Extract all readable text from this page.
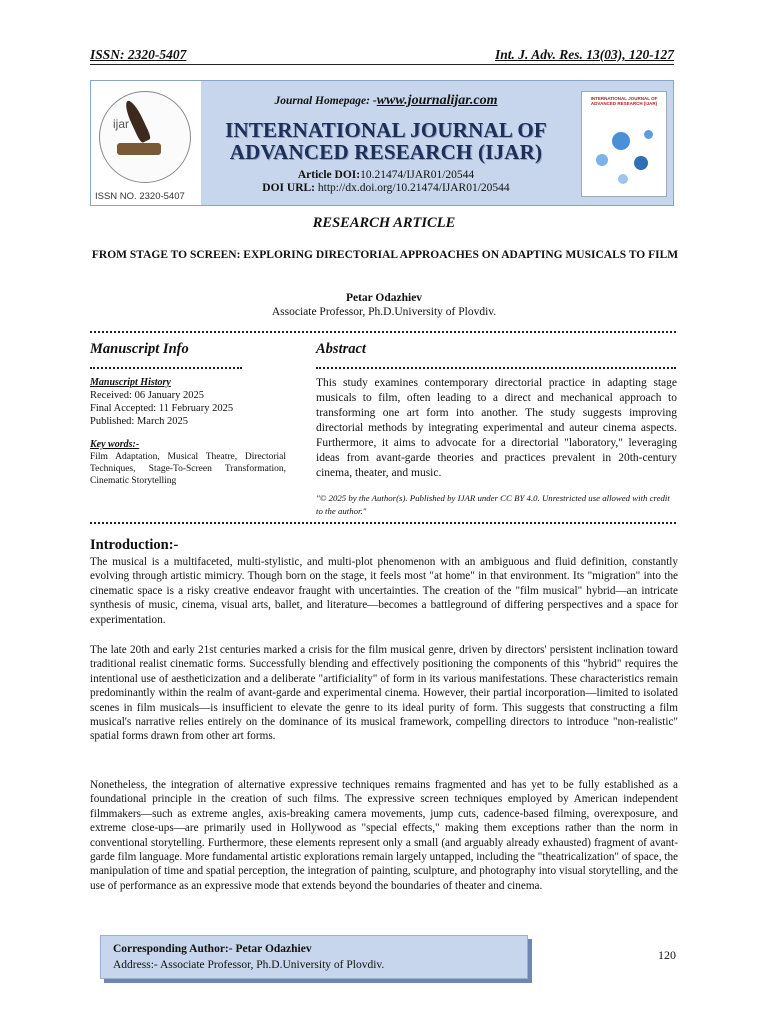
ISSN: 2320-5407	Int. J. Adv. Res. 13(03), 120-127
ijar
ISSN NO. 2320-5407
Journal Homepage: -www.journalijar.com
INTERNATIONAL JOURNAL OF
ADVANCED RESEARCH (IJAR)
Article DOI:10.21474/IJAR01/20544
DOI URL: http://dx.doi.org/10.21474/IJAR01/20544
INTERNATIONAL JOURNAL OF ADVANCED RESEARCH (IJAR)
RESEARCH ARTICLE
FROM STAGE TO SCREEN: EXPLORING DIRECTORIAL APPROACHES ON ADAPTING MUSICALS TO FILM
Petar Odazhiev
Associate Professor, Ph.D.University of Plovdiv.
Manuscript Info	Abstract
Manuscript History
Received: 06 January 2025
Final Accepted: 11 February 2025
Published: March 2025
Key words:-
Film Adaptation, Musical Theatre, Directorial Techniques, Stage-To-Screen Transformation, Cinematic Storytelling
This study examines contemporary directorial practice in adapting stage musicals to film, often leading to a direct and mechanical approach to transforming one art form into another. The study suggests improving directorial methods by integrating experimental and auteur cinema aspects. Furthermore, it aims to advocate for a directorial "laboratory," leveraging ideas from avant-garde theories and practices prevalent in 20th-century cinema, theater, and music.
"© 2025 by the Author(s). Published by IJAR under CC BY 4.0. Unrestricted use allowed with credit to the author."
Introduction:-
The musical is a multifaceted, multi-stylistic, and multi-plot phenomenon with an ambiguous and fluid definition, constantly evolving through artistic mimicry. Though born on the stage, it feels most "at home" in that environment. Its "migration" into the cinematic space is a risky creative endeavor fraught with uncertainties. The creation of the "film musical" hybrid—an intricate synthesis of music, cinema, visual arts, ballet, and literature—becomes a battleground of differing perspectives and a space for experimentation.
The late 20th and early 21st centuries marked a crisis for the film musical genre, driven by directors' persistent inclination toward traditional realist cinematic forms. Successfully blending and effectively positioning the components of this "hybrid" requires the intentional use of aestheticization and a deliberate "artificiality" of form in its various manifestations. These characteristics remain predominantly within the realm of avant-garde and experimental cinema. However, their partial incorporation—limited to isolated scenes in film musicals—is insufficient to elevate the genre to its ideal purity of form. This suggests that constructing a film musical's narrative relies entirely on the dominance of its musical framework, compelling directors to introduce "non-realistic" spatial forms drawn from other art forms.
Nonetheless, the integration of alternative expressive techniques remains fragmented and has yet to be fully established as a foundational principle in the creation of such films. The expressive screen techniques employed by American independent filmmakers—such as extreme angles, axis-breaking camera movements, jump cuts, cadence-based filming, overexposure, and extreme close-ups—are primarily used in Hollywood as "special effects," making them exceptions rather than the norm in conventional storytelling. Furthermore, these elements represent only a small (and arguably already exhausted) fragment of avant-garde film language. More fundamental artistic explorations remain largely untapped, including the "theatricalization" of space, the manipulation of time and spatial perception, the integration of painting, sculpture, and photography into visual storytelling, and the use of performance as an expressive mode that extends beyond the boundaries of theater and cinema.
Corresponding Author:- Petar Odazhiev
Address:- Associate Professor, Ph.D.University of Plovdiv.
120
